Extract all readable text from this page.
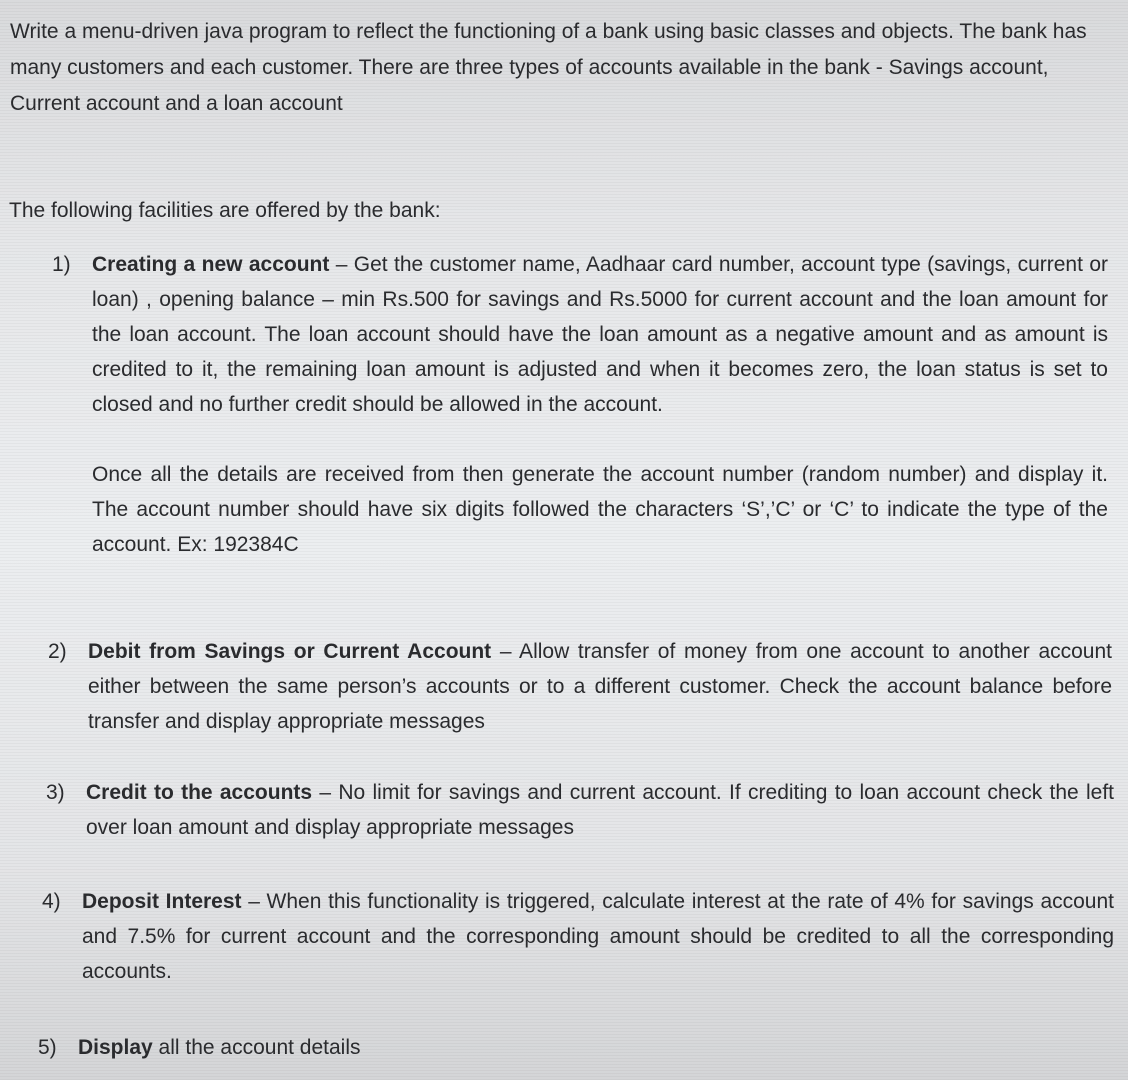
Write a menu-driven java program to reflect the functioning of a bank using basic classes and objects. The bank has many customers and each customer. There are three types of accounts available in the bank - Savings account, Current account and a loan account

The following facilities are offered by the bank:

1) Creating a new account – Get the customer name, Aadhaar card number, account type (savings, current or loan) , opening balance – min Rs.500 for savings and Rs.5000 for current account and the loan amount for the loan account. The loan account should have the loan amount as a negative amount and as amount is credited to it, the remaining loan amount is adjusted and when it becomes zero, the loan status is set to closed and no further credit should be allowed in the account.

Once all the details are received from then generate the account number (random number) and display it. The account number should have six digits followed the characters ‘S’,’C’ or ‘C’ to indicate the type of the account. Ex: 192384C

2) Debit from Savings or Current Account – Allow transfer of money from one account to another account either between the same person’s accounts or to a different customer. Check the account balance before transfer and display appropriate messages

3) Credit to the accounts – No limit for savings and current account. If crediting to loan account check the left over loan amount and display appropriate messages

4) Deposit Interest – When this functionality is triggered, calculate interest at the rate of 4% for savings account and 7.5% for current account and the corresponding amount should be credited to all the corresponding accounts.

5) Display all the account details
